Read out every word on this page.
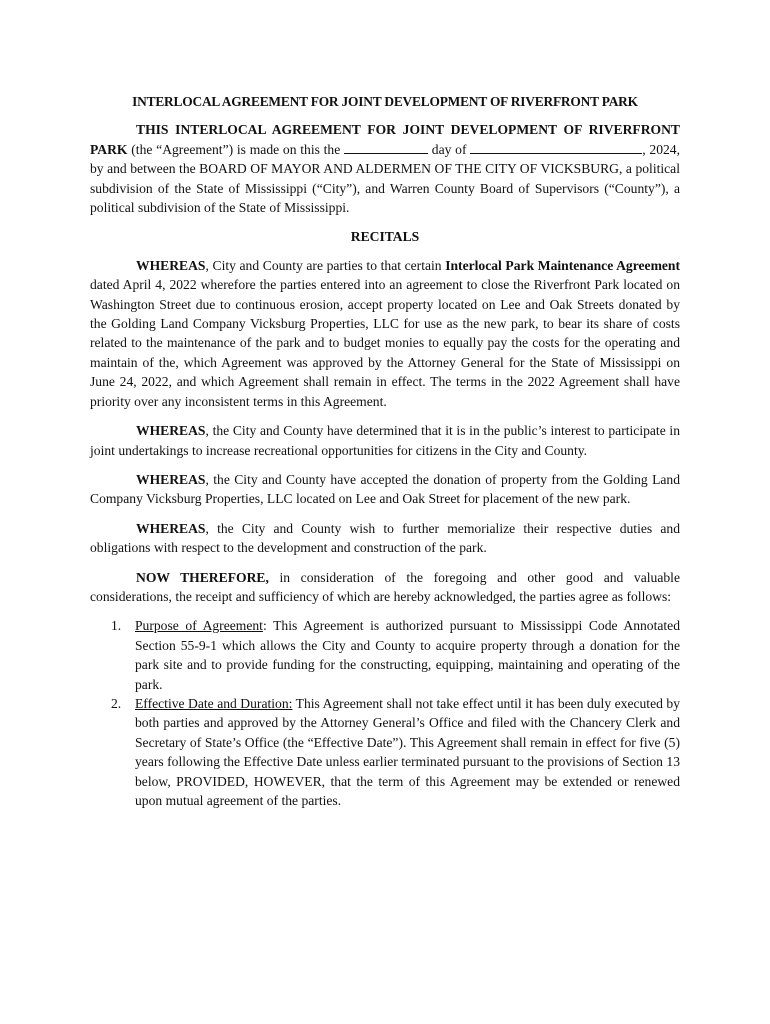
INTERLOCAL AGREEMENT FOR JOINT DEVELOPMENT OF RIVERFRONT PARK

THIS INTERLOCAL AGREEMENT FOR JOINT DEVELOPMENT OF RIVERFRONT PARK (the “Agreement”) is made on this the	day of	, 2024, by and between the BOARD OF MAYOR AND ALDERMEN OF THE CITY OF VICKSBURG, a political subdivision of the State of Mississippi (“City”), and Warren County Board of Supervisors (“County”), a political subdivision of the State of Mississippi.

RECITALS

WHEREAS, City and County are parties to that certain Interlocal Park Maintenance Agreement dated April 4, 2022 wherefore the parties entered into an agreement to close the Riverfront Park located on Washington Street due to continuous erosion, accept property located on Lee and Oak Streets donated by the Golding Land Company Vicksburg Properties, LLC for use as the new park, to bear its share of costs related to the maintenance of the park and to budget monies to equally pay the costs for the operating and maintain of the, which Agreement was approved by the Attorney General for the State of Mississippi on June 24, 2022, and which Agreement shall remain in effect. The terms in the 2022 Agreement shall have priority over any inconsistent terms in this Agreement.

WHEREAS, the City and County have determined that it is in the public’s interest to participate in joint undertakings to increase recreational opportunities for citizens in the City and County.

WHEREAS, the City and County have accepted the donation of property from the Golding Land Company Vicksburg Properties, LLC located on Lee and Oak Street for placement of the new park.

WHEREAS, the City and County wish to further memorialize their respective duties and obligations with respect to the development and construction of the park.

NOW THEREFORE, in consideration of the foregoing and other good and valuable considerations, the receipt and sufficiency of which are hereby acknowledged, the parties agree as follows:

1. Purpose of Agreement: This Agreement is authorized pursuant to Mississippi Code Annotated Section 55-9-1 which allows the City and County to acquire property through a donation for the park site and to provide funding for the constructing, equipping, maintaining and operating of the park.
2. Effective Date and Duration: This Agreement shall not take effect until it has been duly executed by both parties and approved by the Attorney General’s Office and filed with the Chancery Clerk and Secretary of State’s Office (the “Effective Date”). This Agreement shall remain in effect for five (5) years following the Effective Date unless earlier terminated pursuant to the provisions of Section 13 below, PROVIDED, HOWEVER, that the term of this Agreement may be extended or renewed upon mutual agreement of the parties.
